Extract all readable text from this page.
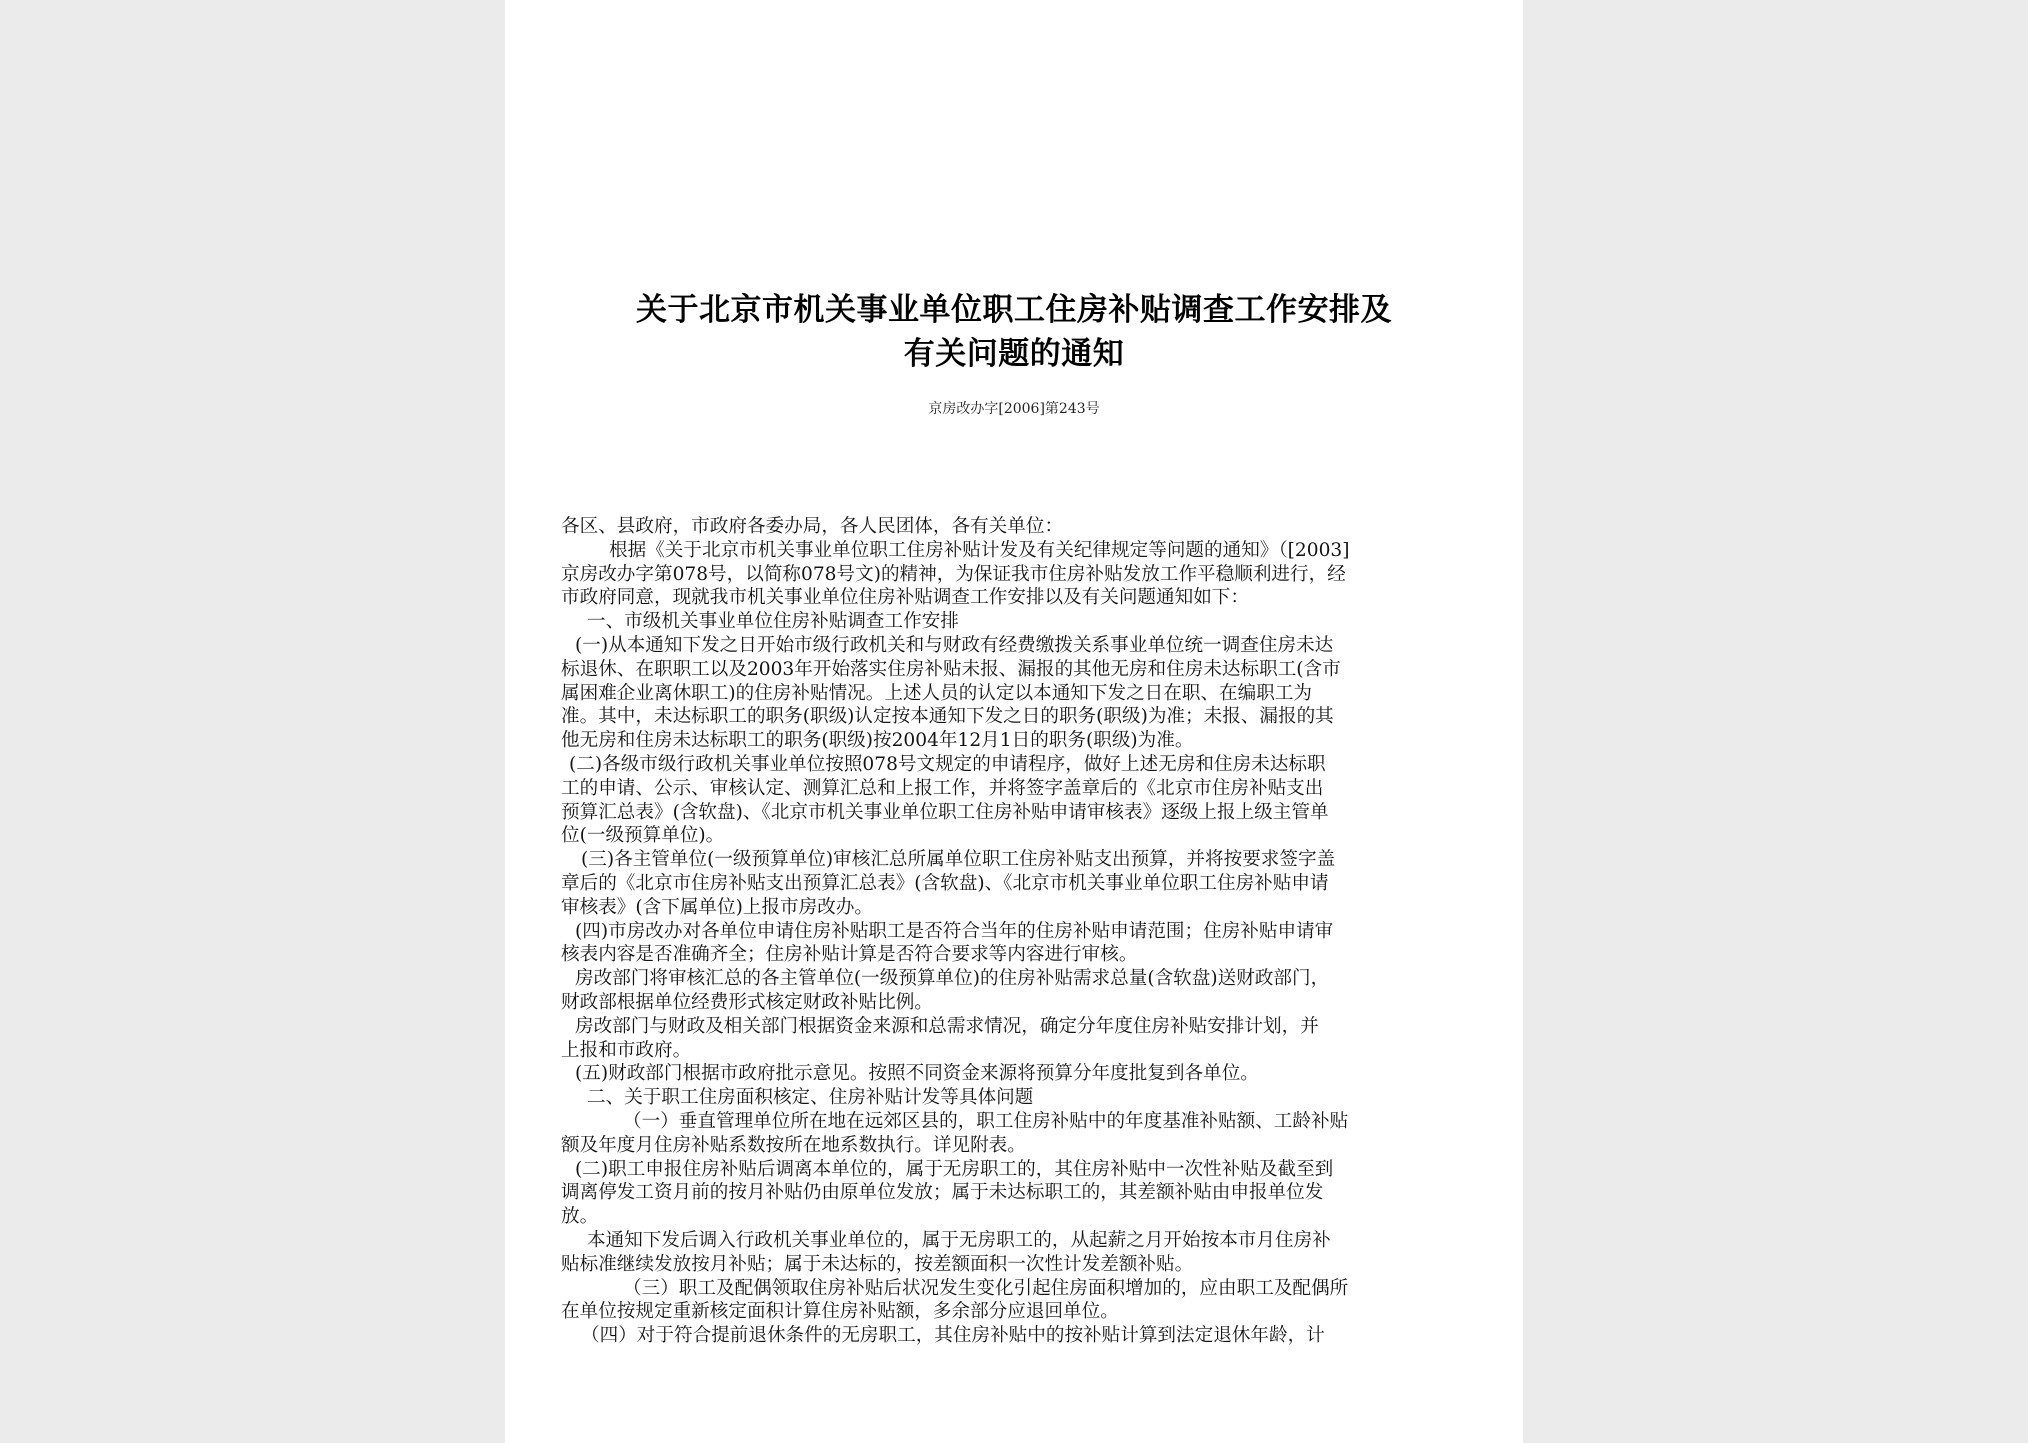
关于北京市机关事业单位职工住房补贴调查工作安排及
有关问题的通知
京房改办字[2006]第243号
各区、县政府，市政府各委办局，各人民团体，各有关单位：
根据《关于北京市机关事业单位职工住房补贴计发及有关纪律规定等问题的通知》（[2003]
京房改办字第078号，以简称078号文)的精神，为保证我市住房补贴发放工作平稳顺利进行，经
市政府同意，现就我市机关事业单位住房补贴调查工作安排以及有关问题通知如下：
一、市级机关事业单位住房补贴调查工作安排
(一)从本通知下发之日开始市级行政机关和与财政有经费缴拨关系事业单位统一调查住房未达
标退休、在职职工以及2003年开始落实住房补贴未报、漏报的其他无房和住房未达标职工(含市
属困难企业离休职工)的住房补贴情况。上述人员的认定以本通知下发之日在职、在编职工为
准。其中，未达标职工的职务(职级)认定按本通知下发之日的职务(职级)为准；未报、漏报的其
他无房和住房未达标职工的职务(职级)按2004年12月1日的职务(职级)为准。
(二)各级市级行政机关事业单位按照078号文规定的申请程序，做好上述无房和住房未达标职
工的申请、公示、审核认定、测算汇总和上报工作，并将签字盖章后的《北京市住房补贴支出
预算汇总表》(含软盘)、《北京市机关事业单位职工住房补贴申请审核表》逐级上报上级主管单
位(一级预算单位)。
(三)各主管单位(一级预算单位)审核汇总所属单位职工住房补贴支出预算，并将按要求签字盖
章后的《北京市住房补贴支出预算汇总表》(含软盘)、《北京市机关事业单位职工住房补贴申请
审核表》(含下属单位)上报市房改办。
(四)市房改办对各单位申请住房补贴职工是否符合当年的住房补贴申请范围；住房补贴申请审
核表内容是否准确齐全；住房补贴计算是否符合要求等内容进行审核。
房改部门将审核汇总的各主管单位(一级预算单位)的住房补贴需求总量(含软盘)送财政部门，
财政部根据单位经费形式核定财政补贴比例。
房改部门与财政及相关部门根据资金来源和总需求情况，确定分年度住房补贴安排计划，并
上报和市政府。
(五)财政部门根据市政府批示意见。按照不同资金来源将预算分年度批复到各单位。
二、关于职工住房面积核定、住房补贴计发等具体问题
（一）垂直管理单位所在地在远郊区县的，职工住房补贴中的年度基准补贴额、工龄补贴
额及年度月住房补贴系数按所在地系数执行。详见附表。
(二)职工申报住房补贴后调离本单位的，属于无房职工的，其住房补贴中一次性补贴及截至到
调离停发工资月前的按月补贴仍由原单位发放；属于未达标职工的，其差额补贴由申报单位发
放。
本通知下发后调入行政机关事业单位的，属于无房职工的，从起薪之月开始按本市月住房补
贴标准继续发放按月补贴；属于未达标的，按差额面积一次性计发差额补贴。
（三）职工及配偶领取住房补贴后状况发生变化引起住房面积增加的，应由职工及配偶所
在单位按规定重新核定面积计算住房补贴额，多余部分应退回单位。
（四）对于符合提前退休条件的无房职工，其住房补贴中的按补贴计算到法定退休年龄，计
